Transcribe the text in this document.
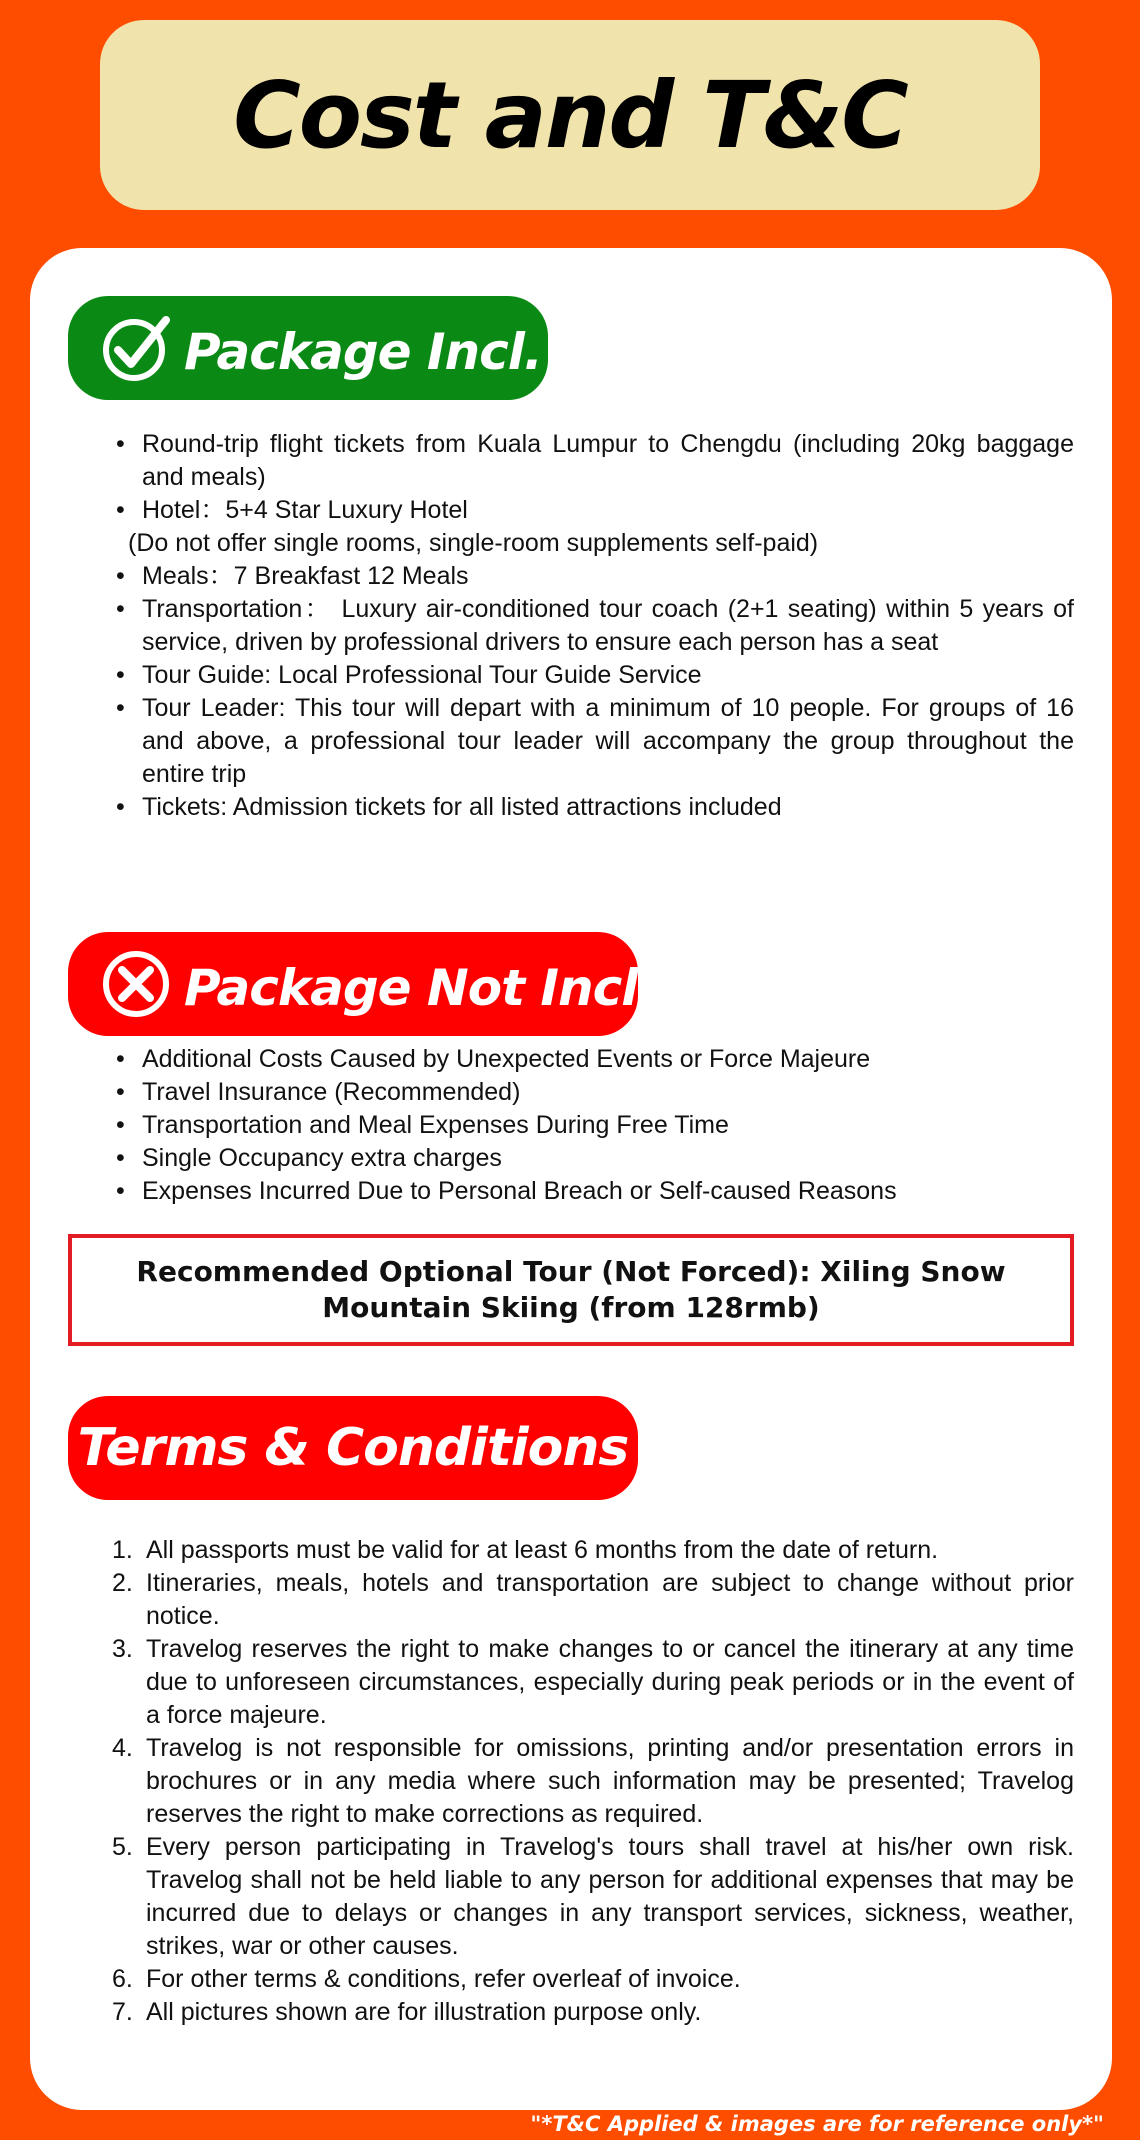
Cost and T&C
Package Incl.：
• Round-trip flight tickets from Kuala Lumpur to Chengdu (including 20kg baggage and meals)
• Hotel：5+4 Star Luxury Hotel
(Do not offer single rooms, single-room supplements self-paid)
• Meals：7 Breakfast 12 Meals
• Transportation： Luxury air-conditioned tour coach (2+1 seating) within 5 years of service, driven by professional drivers to ensure each person has a seat
• Tour Guide: Local Professional Tour Guide Service
• Tour Leader: This tour will depart with a minimum of 10 people. For groups of 16 and above, a professional tour leader will accompany the group throughout the entire trip
• Tickets: Admission tickets for all listed attractions included
Package Not Incl.：
• Additional Costs Caused by Unexpected Events or Force Majeure
• Travel Insurance (Recommended)
• Transportation and Meal Expenses During Free Time
• Single Occupancy extra charges
• Expenses Incurred Due to Personal Breach or Self-caused Reasons
Recommended Optional Tour (Not Forced): Xiling Snow Mountain Skiing (from 128rmb)
Terms & Conditions
1. All passports must be valid for at least 6 months from the date of return.
2. Itineraries, meals, hotels and transportation are subject to change without prior notice.
3. Travelog reserves the right to make changes to or cancel the itinerary at any time due to unforeseen circumstances, especially during peak periods or in the event of a force majeure.
4. Travelog is not responsible for omissions, printing and/or presentation errors in brochures or in any media where such information may be presented; Travelog reserves the right to make corrections as required.
5. Every person participating in Travelog's tours shall travel at his/her own risk. Travelog shall not be held liable to any person for additional expenses that may be incurred due to delays or changes in any transport services, sickness, weather, strikes, war or other causes.
6. For other terms & conditions, refer overleaf of invoice.
7. All pictures shown are for illustration purpose only.
"*T&C Applied & images are for reference only*"
